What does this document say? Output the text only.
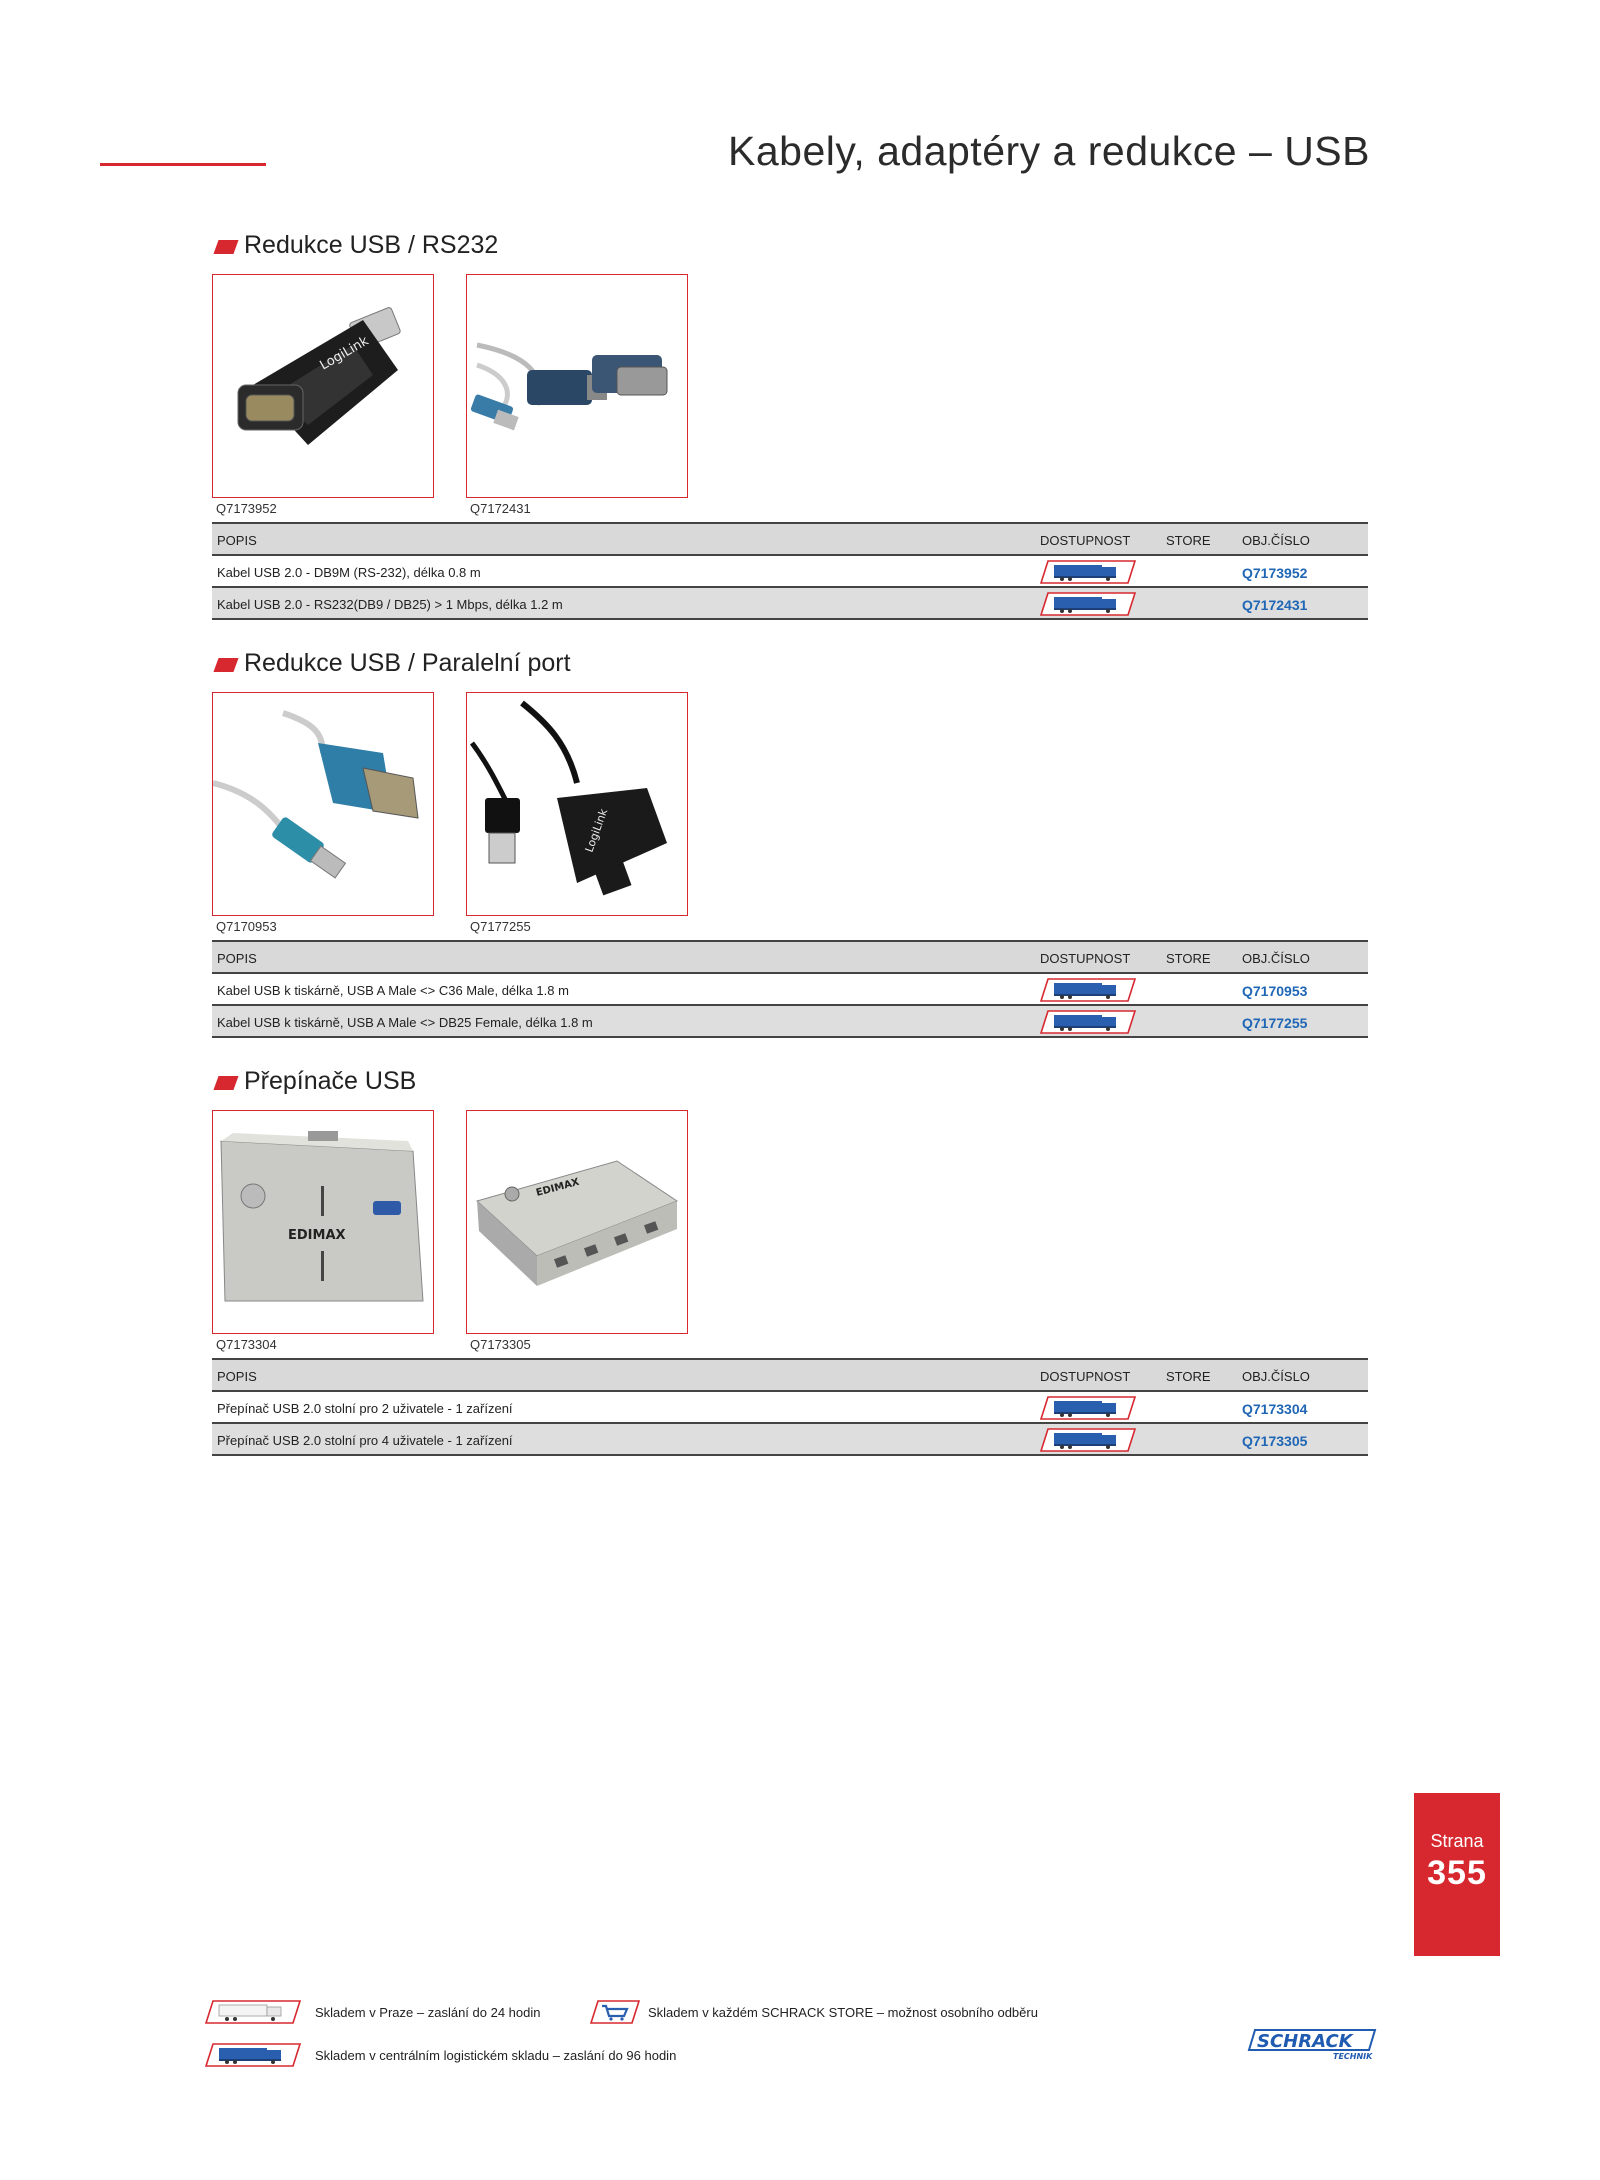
Kabely, adaptéry a redukce – USB
Redukce USB / RS232
LogiLink
Q7173952	Q7172431
POPIS	DOSTUPNOST	STORE OBJ.ČÍSLO
Kabel USB 2.0 - DB9M (RS-232), délka 0.8 m	Q7173952
Kabel USB 2.0 - RS232(DB9 / DB25) > 1 Mbps, délka 1.2 m	Q7172431
Redukce USB / Paralelní port
Q7170953
LogiLink
Q7177255
POPIS	DOSTUPNOST	STORE OBJ.ČÍSLO
Kabel USB k tiskárně, USB A Male <> C36 Male, délka 1.8 m	Q7170953
Kabel USB k tiskárně, USB A Male <> DB25 Female, délka 1.8 m	Q7177255
Přepínače USB
EDIMAX
Q7173304
EDIMAX
Q7173305
POPIS	DOSTUPNOST	STORE OBJ.ČÍSLO
Přepínač USB 2.0 stolní pro 2 uživatele - 1 zařízení	Q7173304
Přepínač USB 2.0 stolní pro 4 uživatele - 1 zařízení	Q7173305
Strana
355
Skladem v Praze – zaslání do 24 hodin	Skladem v každém SCHRACK STORE – možnost osobního odběru
Skladem v centrálním logistickém skladu – zaslání do 96 hodin
SCHRACK
TECHNIK
